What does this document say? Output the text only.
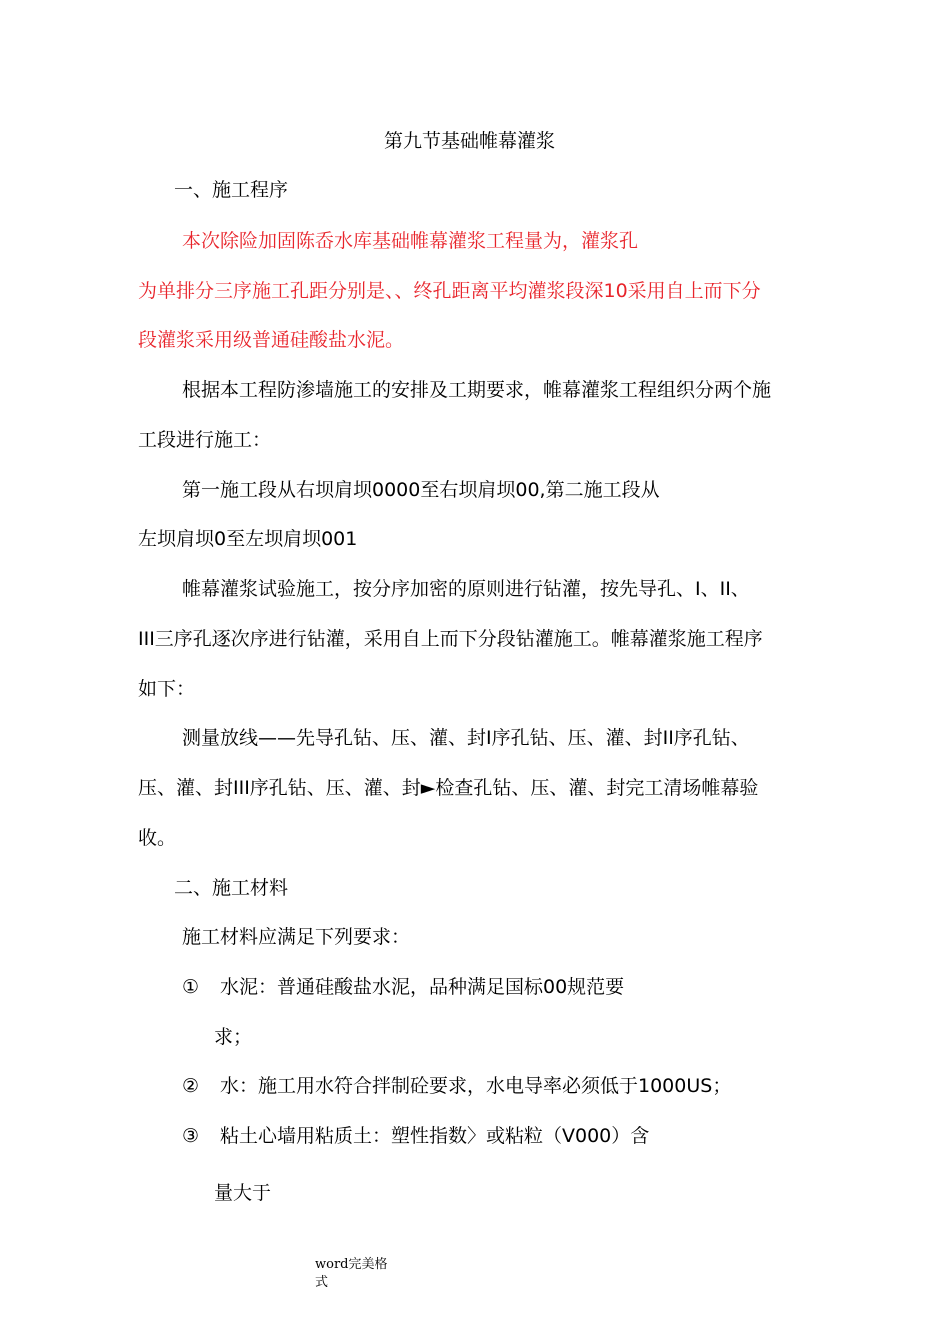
第九节基础帷幕灌浆
一、施工程序
本次除险加固陈岙水库基础帷幕灌浆工程量为，灌浆孔
为单排分三序施工孔距分别是、、终孔距离平均灌浆段深10采用自上而下分
段灌浆采用级普通硅酸盐水泥。
根据本工程防渗墙施工的安排及工期要求，帷幕灌浆工程组织分两个施
工段进行施工：
第一施工段从右坝肩坝0000至右坝肩坝00,第二施工段从
左坝肩坝0至左坝肩坝001
帷幕灌浆试验施工，按分序加密的原则进行钻灌，按先导孔、Ⅰ、II、
III三序孔逐次序进行钻灌，采用自上而下分段钻灌施工。帷幕灌浆施工程序
如下：
测量放线——先导孔钻、压、灌、封Ⅰ序孔钻、压、灌、封ⅠⅠ序孔钻、
压、灌、封III序孔钻、压、灌、封►检查孔钻、压、灌、封完工清场帷幕验
收。
二、施工材料
施工材料应满足下列要求：
① 水泥：普通硅酸盐水泥，品种满足国标00规范要
求；
② 水：施工用水符合拌制砼要求，水电导率必须低于1000US；
③ 粘土心墙用粘质土：塑性指数〉或粘粒（V000）含
量大于
word完美格
式
